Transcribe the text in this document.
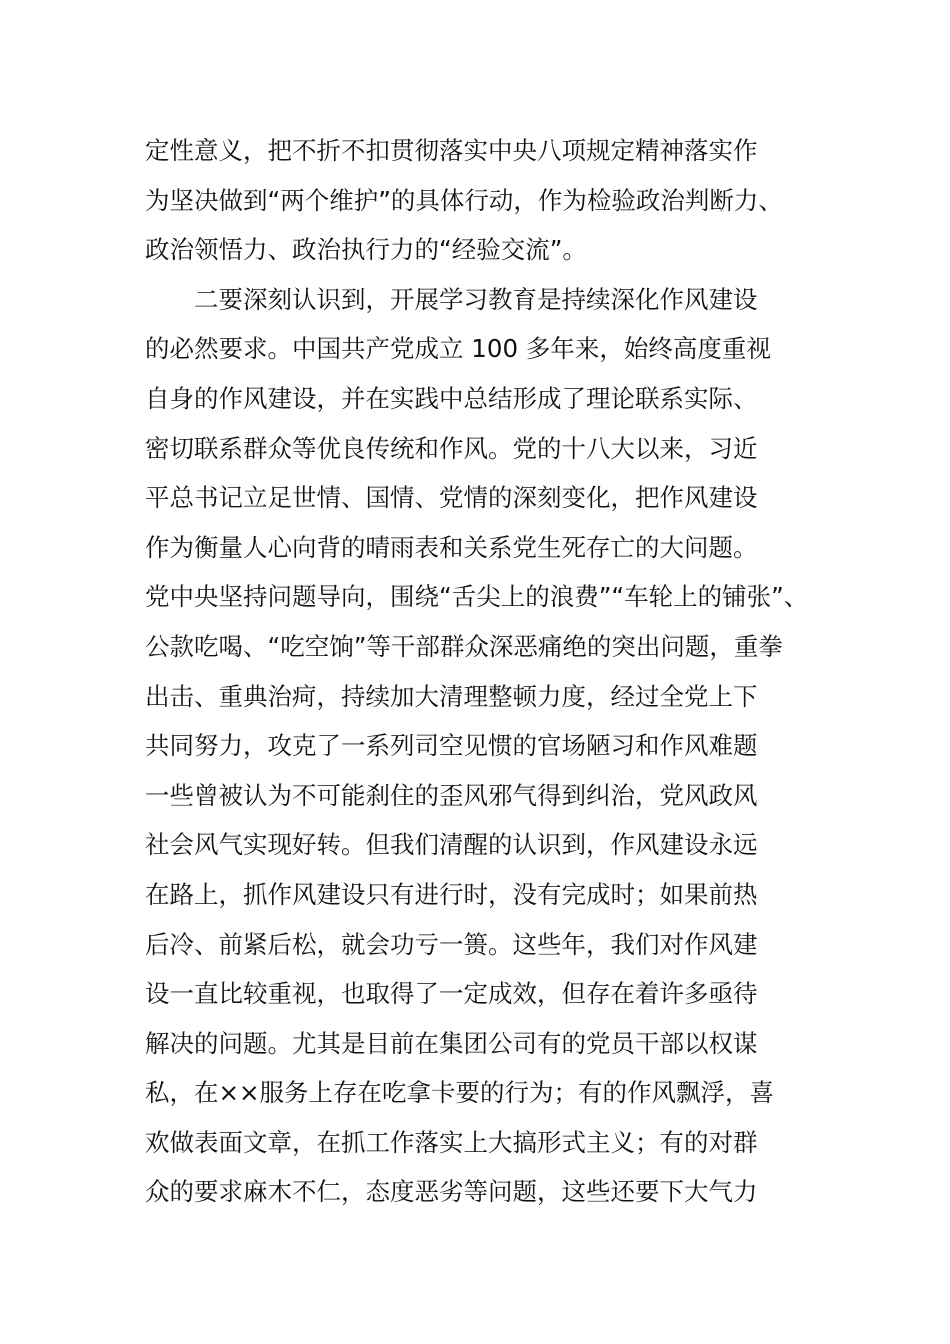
定性意义，把不折不扣贯彻落实中央八项规定精神落实作
为坚决做到“两个维护”的具体行动，作为检验政治判断力、
政治领悟力、政治执行力的“经验交流”。
　　二要深刻认识到，开展学习教育是持续深化作风建设
的必然要求。中国共产党成立 100 多年来，始终高度重视
自身的作风建设，并在实践中总结形成了理论联系实际、
密切联系群众等优良传统和作风。党的十八大以来，习近
平总书记立足世情、国情、党情的深刻变化，把作风建设
作为衡量人心向背的晴雨表和关系党生死存亡的大问题。
党中央坚持问题导向，围绕“舌尖上的浪费”“车轮上的铺张”、
公款吃喝、“吃空饷”等干部群众深恶痛绝的突出问题，重拳
出击、重典治疴，持续加大清理整顿力度，经过全党上下
共同努力，攻克了一系列司空见惯的官场陋习和作风难题
一些曾被认为不可能刹住的歪风邪气得到纠治，党风政风
社会风气实现好转。但我们清醒的认识到，作风建设永远
在路上，抓作风建设只有进行时，没有完成时；如果前热
后冷、前紧后松，就会功亏一篑。这些年，我们对作风建
设一直比较重视，也取得了一定成效，但存在着许多亟待
解决的问题。尤其是目前在集团公司有的党员干部以权谋
私，在××服务上存在吃拿卡要的行为；有的作风飘浮，喜
欢做表面文章，在抓工作落实上大搞形式主义；有的对群
众的要求麻木不仁，态度恶劣等问题，这些还要下大气力
